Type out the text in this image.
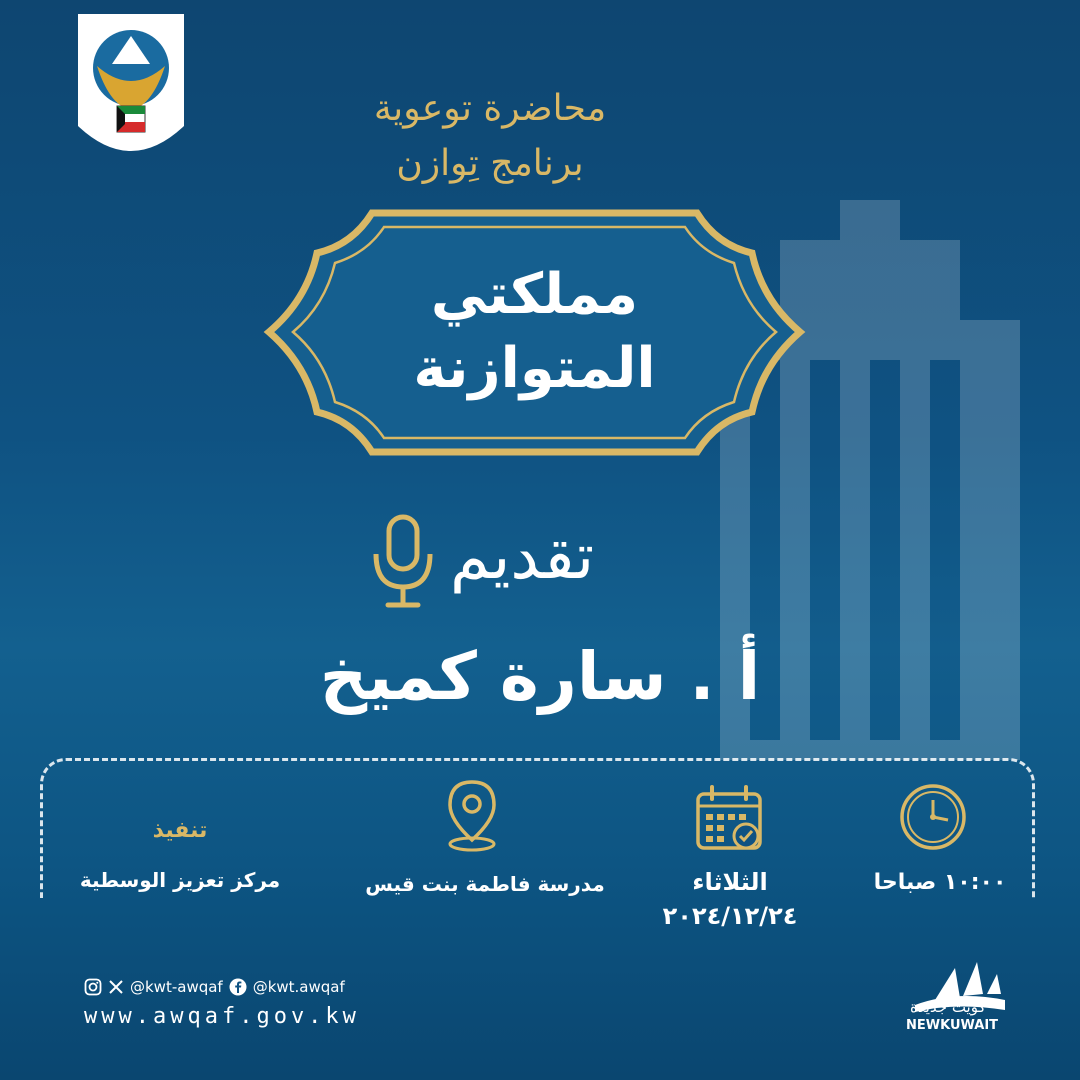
محاضرة توعوية
برنامج تِوازن
مملكتي
المتوازنة
تقديم
أ . سارة كميخ
١٠:٠٠ صباحا
الثلاثاء
٢٠٢٤/١٢/٢٤
مدرسة فاطمة بنت قيس
تنفيذ
مركز تعزيز الوسطية
@kwt-awqaf @kwt.awqaf
www.awqaf.gov.kw	كويت جديدة
NEWKUWAIT
